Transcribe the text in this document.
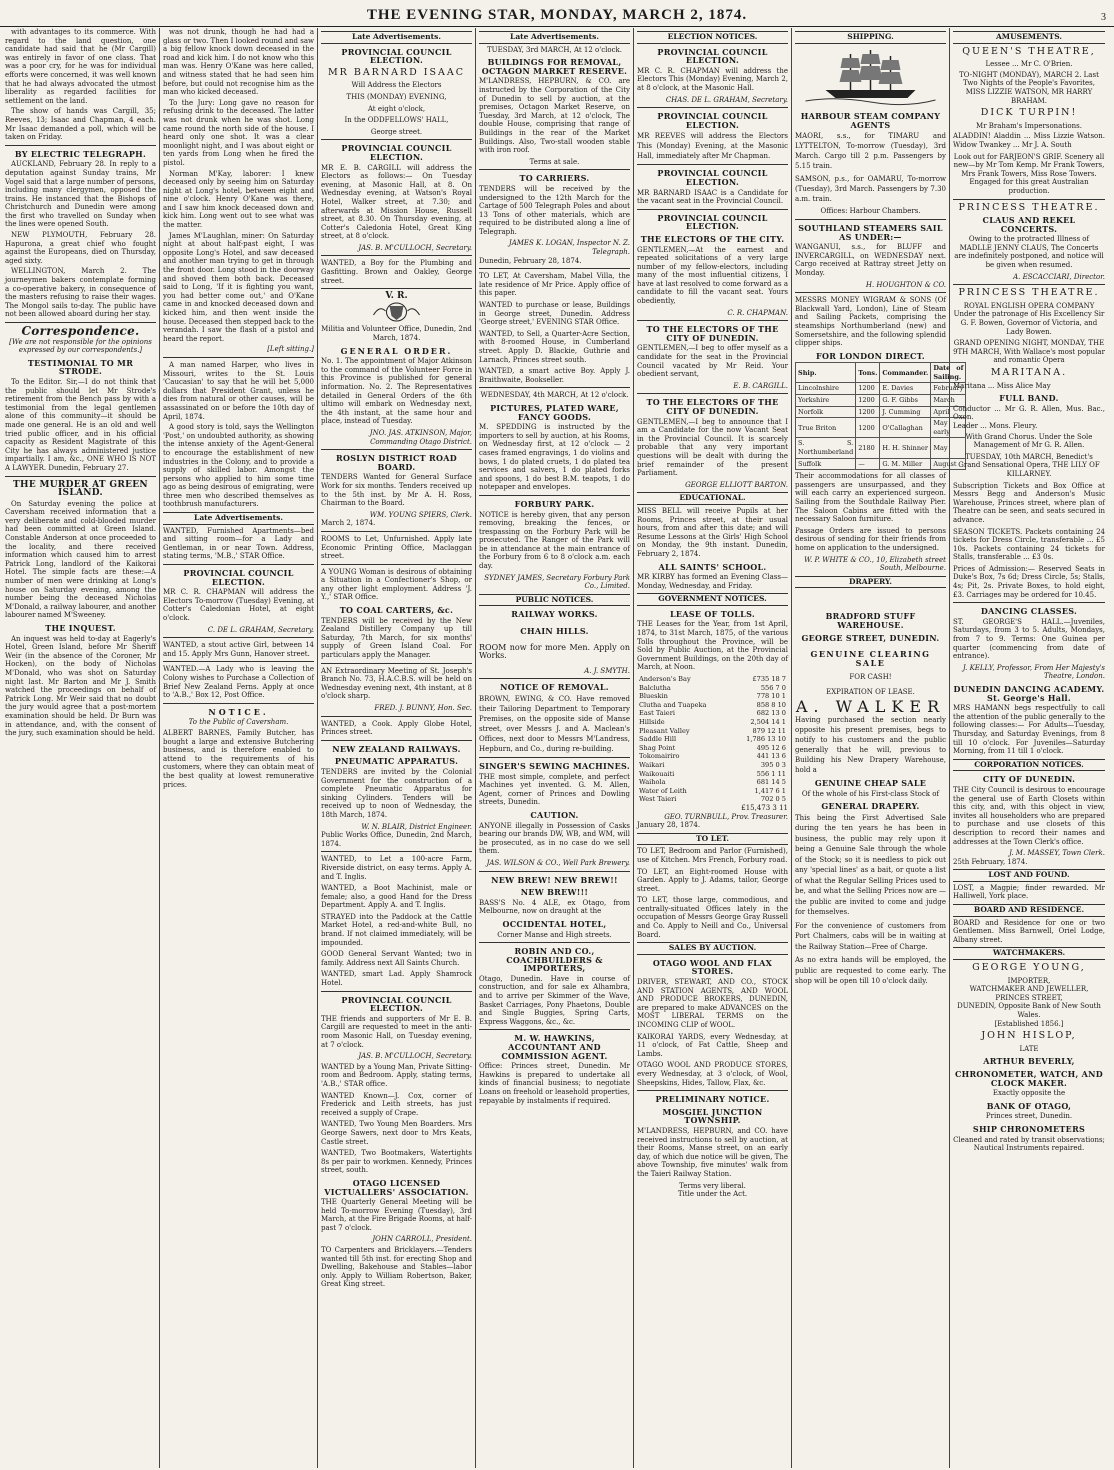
THE EVENING STAR, MONDAY, MARCH 2, 1874.	3

with advantages to its commerce. With regard to the land question, one candidate had said that he (Mr Cargill) was entirely in favor of one class. That was a poor cry, for he was for individual efforts were concerned, it was well known that he had always advocated the utmost liberality as regarded facilities for settlement on the land.

The show of hands was Cargill, 35; Reeves, 13; Isaac and Chapman, 4 each. Mr Isaac demanded a poll, which will be taken on Friday.

BY ELECTRIC TELEGRAPH.

AUCKLAND, February 28. In reply to a deputation against Sunday trains, Mr Vogel said that a large number of persons, including many clergymen, opposed the trains. He instanced that the Bishops of Christchurch and Dunedin were among the first who travelled on Sunday when the lines were opened South.

NEW PLYMOUTH, February 28. Hapurona, a great chief who fought against the Europeans, died on Thursday, aged sixty.

WELLINGTON, March 2. The journeymen bakers contemplate forming a co-operative bakery, in consequence of the masters refusing to raise their wages. The Mongol sails to-day. The public have not been allowed aboard during her stay.

Correspondence.

[We are not responsible for the opinions expressed by our correspondents.]

TESTIMONIAL TO MR STRODE.

To the Editor. Sir,—I do not think that the public should let Mr Strode's retirement from the Bench pass by with a testimonial from the legal gentlemen alone of this community—it should be made one general. He is an old and well tried public officer, and in his official capacity as Resident Magistrate of this City he has always administered justice impartially. I am, &c., ONE WHO IS NOT A LAWYER. Dunedin, February 27.

THE MURDER AT GREEN ISLAND.

On Saturday evening the police at Caversham received information that a very deliberate and cold-blooded murder had been committed at Green Island. Constable Anderson at once proceeded to the locality, and there received information which caused him to arrest Patrick Long, landlord of the Kaikorai Hotel. The simple facts are these:—A number of men were drinking at Long's house on Saturday evening, among the number being the deceased Nicholas M'Donald, a railway labourer, and another labourer named M'Sweeney.

THE INQUEST.

An inquest was held to-day at Eagerly's Hotel, Green Island, before Mr Sheriff Weir (in the absence of the Coroner, Mr Hocken), on the body of Nicholas M'Donald, who was shot on Saturday night last. Mr Barton and Mr J. Smith watched the proceedings on behalf of Patrick Long. Mr Weir said that no doubt the jury would agree that a post-mortem examination should be held. Dr Burn was in attendance, and, with the consent of the jury, such examination should be held.

was not drunk, though he had had a glass or two. Then I looked round and saw a big fellow knock down deceased in the road and kick him. I do not know who this man was. Henry O'Kane was here called, and witness stated that he had seen him before, but could not recognise him as the man who kicked deceased.

To the Jury: Long gave no reason for refusing drink to the deceased. The latter was not drunk when he was shot. Long came round the north side of the house. I heard only one shot. It was a clear moonlight night, and I was about eight or ten yards from Long when he fired the pistol.

Norman M'Kay, laborer: I knew deceased only by seeing him on Saturday night at Long's hotel, between eight and nine o'clock. Henry O'Kane was there, and I saw him knock deceased down and kick him. Long went out to see what was the matter.

James M'Laughlan, miner: On Saturday night at about half-past eight, I was opposite Long's Hotel, and saw deceased and another man trying to get in through the front door. Long stood in the doorway and shoved them both back. Deceased said to Long, 'If it is fighting you want, you had better come out,' and O'Kane came in and knocked deceased down and kicked him, and then went inside the house. Deceased then stepped back to the verandah. I saw the flash of a pistol and heard the report.

[Left sitting.]

A man named Harper, who lives in Missouri, writes to the St. Louis 'Caucasian' to say that he will bet 5,000 dollars that President Grant, unless he dies from natural or other causes, will be assassinated on or before the 10th day of April, 1874.

A good story is told, says the Wellington 'Post,' on undoubted authority, as showing the intense anxiety of the Agent-General to encourage the establishment of new industries in the Colony, and to provide a supply of skilled labor. Amongst the persons who applied to him some time ago as being desirous of emigrating, were three men who described themselves as toothbrush manufacturers.

Late Advertisements.
WANTED, Furnished Apartments—bed and sitting room—for a Lady and Gentleman, in or near Town. Address, stating terms, 'M.B.,' STAR Office.
PROVINCIAL COUNCIL ELECTION.
MR C. R. CHAPMAN will address the Electors To-morrow (Tuesday) Evening, at Cotter's Caledonian Hotel, at eight o'clock.
C. DE L. GRAHAM, Secretary.
WANTED, a stout active Girl, between 14 and 15. Apply Mrs Gunn, Hanover street.
WANTED.—A Lady who is leaving the Colony wishes to Purchase a Collection of Brief New Zealand Ferns. Apply at once to 'A.B.,' Box 12, Post Office.
NOTICE.
To the Public of Caversham.
ALBERT BARNES, Family Butcher, has bought a large and extensive Butchering business, and is therefore enabled to attend to the requirements of his customers, where they can obtain meat of the best quality at lowest remunerative prices.
Late Advertisements.
PROVINCIAL COUNCIL ELECTION.
MR BARNARD ISAAC
Will Address the Electors
THIS (MONDAY) EVENING,
At eight o'clock,
In the ODDFELLOWS' HALL,
George street.
PROVINCIAL COUNCIL ELECTION.
MR E. B. CARGILL will address the Electors as follows:— On Tuesday evening, at Masonic Hall, at 8. On Wednesday evening, at Watson's Royal Hotel, Walker street, at 7.30; and afterwards at Mission House, Russell street, at 8.30. On Thursday evening, at Cotter's Caledonia Hotel, Great King street, at 8 o'clock.
JAS. B. M'CULLOCH, Secretary.
WANTED, a Boy for the Plumbing and Gasfitting. Brown and Oakley, George street.
V. R.
Militia and Volunteer Office, Dunedin, 2nd March, 1874.
GENERAL ORDER.
No. 1. The appointment of Major Atkinson to the command of the Volunteer Force in this Province is published for general information. No. 2. The Representatives detailed in General Orders of the 6th ultimo will embark on Wednesday next, the 4th instant, at the same hour and place, instead of Tuesday.
JNO. JAS. ATKINSON, Major, Commanding Otago District.
ROSLYN DISTRICT ROAD BOARD.
TENDERS Wanted for General Surface Work for six months. Tenders received up to the 5th inst. by Mr A. H. Ross, Chairman to the Board.
WM. YOUNG SPIERS, Clerk.
March 2, 1874.
ROOMS to Let, Unfurnished. Apply late Economic Printing Office, Maclaggan street.
A YOUNG Woman is desirous of obtaining a Situation in a Confectioner's Shop, or any other light employment. Address 'J. Y.,' STAR Office.
TO COAL CARTERS, &c.
TENDERS will be received by the New Zealand Distillery Company up till Saturday, 7th March, for six months' supply of Green Island Coal. For particulars apply the Manager.
AN Extraordinary Meeting of St. Joseph's Branch No. 73, H.A.C.B.S. will be held on Wednesday evening next, 4th instant, at 8 o'clock sharp.
FRED. J. BUNNY, Hon. Sec.
WANTED, a Cook. Apply Globe Hotel, Princes street.
NEW ZEALAND RAILWAYS.
PNEUMATIC APPARATUS.
TENDERS are invited by the Colonial Government for the construction of a complete Pneumatic Apparatus for sinking Cylinders. Tenders will be received up to noon of Wednesday, the 18th March, 1874.
W. N. BLAIR, District Engineer.
Public Works Office, Dunedin, 2nd March, 1874.
WANTED, to Let a 100-acre Farm, Riverside district, on easy terms. Apply A. and T. Inglis.
WANTED, a Boot Machinist, male or female; also, a good Hand for the Dress Department. Apply A. and T. Inglis.
STRAYED into the Paddock at the Cattle Market Hotel, a red-and-white Bull, no brand. If not claimed immediately, will be impounded.
GOOD General Servant Wanted; two in family. Address next All Saints Church.
WANTED, smart Lad. Apply Shamrock Hotel.
PROVINCIAL COUNCIL ELECTION.
THE friends and supporters of Mr E. B. Cargill are requested to meet in the anti-room Masonic Hall, on Tuesday evening, at 7 o'clock.
JAS. B. M'CULLOCH, Secretary.
WANTED by a Young Man, Private Sitting-room and Bedroom. Apply, stating terms, 'A.B.,' STAR office.
WANTED Known—J. Cox, corner of Frederick and Leith streets, has just received a supply of Crape.
WANTED, Two Young Men Boarders. Mrs George Sawers, next door to Mrs Keats, Castle street.
WANTED, Two Bootmakers, Watertights 8s per pair to workmen. Kennedy, Princes street, south.
OTAGO LICENSED VICTUALLERS' ASSOCIATION.
THE Quarterly General Meeting will be held To-morrow Evening (Tuesday), 3rd March, at the Fire Brigade Rooms, at half-past 7 o'clock.
JOHN CARROLL, President.
TO Carpenters and Bricklayers.—Tenders wanted till 5th inst. for erecting Shop and Dwelling, Bakehouse and Stables—labor only. Apply to William Robertson, Baker, Great King street.
Late Advertisements.
TUESDAY, 3rd MARCH, At 12 o'clock.
BUILDINGS FOR REMOVAL, OCTAGON MARKET RESERVE.
M'LANDRESS, HEPBURN, & CO. are instructed by the Corporation of the City of Dunedin to sell by auction, at the premises, Octagon Market Reserve, on Tuesday, 3rd March, at 12 o'clock, The double House, comprising that range of Buildings in the rear of the Market Buildings. Also, Two-stall wooden stable with iron roof.
Terms at sale.
TO CARRIERS.
TENDERS will be received by the undersigned to the 12th March for the Cartage of 500 Telegraph Poles and about 13 Tons of other materials, which are required to be distributed along a line of Telegraph.
JAMES K. LOGAN, Inspector N. Z. Telegraph.
Dunedin, February 28, 1874.
TO LET, At Caversham, Mabel Villa, the late residence of Mr Price. Apply office of this paper.
WANTED to purchase or lease, Buildings in George street, Dunedin. Address 'George street,' EVENING STAR Office.
WANTED, to Sell, a Quarter-Acre Section, with 8-roomed House, in Cumberland street. Apply D. Blackie, Guthrie and Larnach, Princes street south.
WANTED, a smart active Boy. Apply J. Braithwaite, Bookseller.
WEDNESDAY, 4th MARCH, At 12 o'clock.
PICTURES, PLATED WARE, FANCY GOODS.
M. SPEDDING is instructed by the importers to sell by auction, at his Rooms, on Wednesday first, at 12 o'clock — 2 cases framed engravings, 1 do violins and bows, 1 do plated cruets, 1 do plated tea services and salvers, 1 do plated forks and spoons, 1 do best B.M. teapots, 1 do notepaper and envelopes.
FORBURY PARK.
NOTICE is hereby given, that any person removing, breaking the fences, or trespassing on the Forbury Park will be prosecuted. The Ranger of the Park will be in attendance at the main entrance of the Forbury from 6 to 8 o'clock a.m. each day.
SYDNEY JAMES, Secretary Forbury Park Co., Limited.
PUBLIC NOTICES.
RAILWAY WORKS.
CHAIN HILLS.
ROOM now for more Men. Apply on Works.
A. J. SMYTH.
NOTICE OF REMOVAL.
BROWN, EWING, & CO. Have removed their Tailoring Department to Temporary Premises, on the opposite side of Manse street, over Messrs J. and A. Maclean's Offices, next door to Messrs M'Landress, Hepburn, and Co., during re-building.
SINGER'S SEWING MACHINES.
THE most simple, complete, and perfect Machines yet invented. G. M. Allen, Agent, corner of Princes and Dowling streets, Dunedin.
CAUTION.
ANYONE illegally in Possession of Casks bearing our brands DW, WB, and WM, will be prosecuted, as in no case do we sell them.
JAS. WILSON & CO., Well Park Brewery.
NEW BREW! NEW BREW!!
NEW BREW!!!
BASS'S No. 4 ALE, ex Otago, from Melbourne, now on draught at the
OCCIDENTAL HOTEL,
Corner Manse and High streets.
ROBIN AND CO., COACHBUILDERS & IMPORTERS,
Otago, Dunedin. Have in course of construction, and for sale ex Alhambra, and to arrive per Skimmer of the Wave, Basket Carriages, Pony Phaetons, Double and Single Buggies, Spring Carts, Express Waggons, &c., &c.
M. W. HAWKINS, ACCOUNTANT AND COMMISSION AGENT.
Office: Princes street, Dunedin. Mr Hawkins is prepared to undertake all kinds of financial business; to negotiate Loans on freehold or leasehold properties, repayable by instalments if required.
ELECTION NOTICES.
PROVINCIAL COUNCIL ELECTION.
MR C. R. CHAPMAN will address the Electors This (Monday) Evening, March 2, at 8 o'clock, at the Masonic Hall.
CHAS. DE L. GRAHAM, Secretary.
PROVINCIAL COUNCIL ELECTION.
MR REEVES will address the Electors This (Monday) Evening, at the Masonic Hall, immediately after Mr Chapman.
PROVINCIAL COUNCIL ELECTION.
MR BARNARD ISAAC is a Candidate for the vacant seat in the Provincial Council.
PROVINCIAL COUNCIL ELECTION.
THE ELECTORS OF THE CITY.
GENTLEMEN,—At the earnest and repeated solicitations of a very large number of my fellow-electors, including many of the most influential citizens, I have at last resolved to come forward as a candidate to fill the vacant seat. Yours obediently,
C. R. CHAPMAN.
TO THE ELECTORS OF THE CITY OF DUNEDIN.
GENTLEMEN,—I beg to offer myself as a candidate for the seat in the Provincial Council vacated by Mr Reid. Your obedient servant,
E. B. CARGILL.
TO THE ELECTORS OF THE CITY OF DUNEDIN.
GENTLEMEN,—I beg to announce that I am a Candidate for the now Vacant Seat in the Provincial Council. It is scarcely probable that any very important questions will be dealt with during the brief remainder of the present Parliament.
GEORGE ELLIOTT BARTON.
EDUCATIONAL.
MISS BELL will receive Pupils at her Rooms, Princes street, at their usual hours, from and after this date; and will Resume Lessons at the Girls' High School on Monday, the 9th instant. Dunedin, February 2, 1874.
ALL SAINTS' SCHOOL.
MR KIRBY has formed an Evening Class—Monday, Wednesday, and Friday.
GOVERNMENT NOTICES.
LEASE OF TOLLS.
THE Leases for the Year, from 1st April, 1874, to 31st March, 1875, of the various Tolls throughout the Province, will be Sold by Public Auction, at the Provincial Government Buildings, on the 20th day of March, at Noon.
Anderson's Bay	£735 18 7
Balclutha	556 7 0
Blueskin	778 10 1
Clutha and Tuapeka	858 8 10
East Taieri	682 13 0
Hillside	2,504 14 1
Pleasant Valley	879 12 11
Saddle Hill	1,786 13 10
Shag Point	495 12 6
Tokomairiro	441 13 6
Waikari	395 0 3
Waikouaiti	556 1 11
Waihola	681 14 5
Water of Leith	1,417 6 1
West Taieri	702 0 5
£15,473 3 11
GEO. TURNBULL, Prov. Treasurer.
January 28, 1874.
TO LET.
TO LET, Bedroom and Parlor (Furnished), use of Kitchen. Mrs French, Forbury road.
TO LET, an Eight-roomed House with Garden. Apply to J. Adams, tailor, George street.
TO LET, those large, commodious, and centrally-situated Offices lately in the occupation of Messrs George Gray Russell and Co. Apply to Neill and Co., Universal Board.
SALES BY AUCTION.
OTAGO WOOL AND FLAX STORES.
DRIVER, STEWART, AND CO., STOCK AND STATION AGENTS, AND WOOL AND PRODUCE BROKERS, DUNEDIN, are prepared to make ADVANCES on the MOST LIBERAL TERMS on the INCOMING CLIP of WOOL.
KAIKORAI YARDS, every Wednesday, at 11 o'clock, of Fat Cattle, Sheep and Lambs.
OTAGO WOOL AND PRODUCE STORES, every Wednesday, at 3 o'clock, of Wool, Sheepskins, Hides, Tallow, Flax, &c.
PRELIMINARY NOTICE.
MOSGIEL JUNCTION TOWNSHIP.
M'LANDRESS, HEPBURN, and CO. have received instructions to sell by auction, at their Rooms, Manse street, on an early day, of which due notice will be given, The above Township, five minutes' walk from the Taieri Railway Station.
Terms very liberal.
Title under the Act.
SHIPPING.
HARBOUR STEAM COMPANY AGENTS
MAORI, s.s., for TIMARU and LYTTELTON, To-morrow (Tuesday), 3rd March. Cargo till 2 p.m. Passengers by 5.15 train.
SAMSON, p.s., for OAMARU, To-morrow (Tuesday), 3rd March. Passengers by 7.30 a.m. train.
Offices: Harbour Chambers.
SOUTHLAND STEAMERS SAIL AS UNDER:—
WANGANUI, s.s., for BLUFF and INVERCARGILL, on WEDNESDAY next. Cargo received at Rattray street Jetty on Monday.
H. HOUGHTON & CO.
MESSRS MONEY WIGRAM & SONS (Of Blackwall Yard, London), Line of Steam and Sailing Packets, comprising the steamships Northumberland (new) and Somersetshire, and the following splendid clipper ships.
FOR LONDON DIRECT.
Ship.	Tons.	Commander.	Date of Sailing.
Lincolnshire	1200	E. Davies	February
Yorkshire	1200	G. F. Gibbs	March
Norfolk	1200	J. Cumming	April
True Briton	1200	O'Callaghan	May early
S. S. Northumberland	2180	H. H. Shinner	May
Suffolk	—	G. M. Miller	August
Their accommodations for all classes of passengers are unsurpassed, and they will each carry an experienced surgeon. Sailing from the Southdale Railway Pier. The Saloon Cabins are fitted with the necessary Saloon furniture.
Passage Orders are issued to persons desirous of sending for their friends from home on application to the undersigned.
W. P. WHITE & CO., 10, Elizabeth street South, Melbourne.
DRAPERY.
BRADFORD STUFF WAREHOUSE.
GEORGE STREET, DUNEDIN.
GENUINE CLEARING SALE
FOR CASH!
EXPIRATION OF LEASE.
A. WALKER
Having purchased the section nearly opposite his present premises, begs to notify to his customers and the public generally that he will, previous to Building his New Drapery Warehouse, hold a
GENUINE CHEAP SALE
Of the whole of his First-class Stock of
GENERAL DRAPERY.
This being the First Advertised Sale during the ten years he has been in business, the public may rely upon it being a Genuine Sale through the whole of the Stock; so it is needless to pick out any 'special lines' as a bait, or quote a list of what the Regular Selling Prices used to be, and what the Selling Prices now are — the public are invited to come and judge for themselves.
For the convenience of customers from Port Chalmers, cabs will be in waiting at the Railway Station—Free of Charge.
As no extra hands will be employed, the public are requested to come early. The shop will be open till 10 o'clock daily.
AMUSEMENTS.
QUEEN'S THEATRE,
Lessee ... Mr C. O'Brien.
TO-NIGHT (MONDAY), MARCH 2. Last Two Nights of the People's Favorites, MISS LIZZIE WATSON, MR HARRY BRAHAM.
DICK TURPIN!
Mr Braham's Impersonations.
ALADDIN! Aladdin ... Miss Lizzie Watson. Widow Twankey ... Mr J. A. South
Look out for FARJEON'S GRIF. Scenery all new—by Mr Tom Kemp. Mr Frank Towers, Mrs Frank Towers, Miss Rose Towers. Engaged for this great Australian production.
PRINCESS THEATRE.
CLAUS AND REKEL CONCERTS.
Owing to the protracted Illness of MADLLE JENNY CLAUS, The Concerts are indefinitely postponed, and notice will be given when resumed.
A. ESCACCIARI, Director.
PRINCESS THEATRE.
ROYAL ENGLISH OPERA COMPANY Under the patronage of His Excellency Sir G. F. Bowen, Governor of Victoria, and Lady Bowen.
GRAND OPENING NIGHT, MONDAY, THE 9TH MARCH, With Wallace's most popular and romantic Opera
MARITANA.
Maritana ... Miss Alice May
FULL BAND.
Conductor ... Mr G. R. Allen, Mus. Bac., Oxon.
Leader ... Mons. Fleury.
With Grand Chorus. Under the Sole Management of Mr G. R. Allen.
TUESDAY, 10th MARCH, Benedict's Grand Sensational Opera, THE LILY OF KILLARNEY.
Subscription Tickets and Box Office at Messrs Begg and Anderson's Music Warehouse, Princes street, where plan of Theatre can be seen, and seats secured in advance.
SEASON TICKETS. Packets containing 24 tickets for Dress Circle, transferable ... £5 10s. Packets containing 24 tickets for Stalls, transferable ... £3 0s.
Prices of Admission:— Reserved Seats in Duke's Box, 7s 6d; Dress Circle, 5s; Stalls, 4s; Pit, 2s. Private Boxes, to hold eight, £3. Carriages may be ordered for 10.45.
DANCING CLASSES.
ST. GEORGE'S HALL.—Juveniles, Saturdays, from 3 to 5. Adults, Mondays, from 7 to 9. Terms: One Guinea per quarter (commencing from date of entrance).
J. KELLY, Professor, From Her Majesty's Theatre, London.
DUNEDIN DANCING ACADEMY. St. George's Hall.
MRS HAMANN begs respectfully to call the attention of the public generally to the following classes:— For Adults—Tuesday, Thursday, and Saturday Evenings, from 8 till 10 o'clock. For Juveniles—Saturday Morning, from 11 till 1 o'clock.
CORPORATION NOTICES.
CITY OF DUNEDIN.
THE City Council is desirous to encourage the general use of Earth Closets within this city, and, with this object in view, invites all householders who are prepared to purchase and use closets of this description to record their names and addresses at the Town Clerk's office.
J. M. MASSEY, Town Clerk.
25th February, 1874.
LOST AND FOUND.
LOST, a Magpie; finder rewarded. Mr Halliwell, York place.
BOARD AND RESIDENCE.
BOARD and Residence for one or two Gentlemen. Miss Barnwell, Oriel Lodge, Albany street.
WATCHMAKERS.
GEORGE YOUNG,
IMPORTER,
WATCHMAKER AND JEWELLER,
PRINCES STREET,
DUNEDIN, Opposite Bank of New South Wales.
[Established 1856.]
JOHN HISLOP,
LATE
ARTHUR BEVERLY,
CHRONOMETER, WATCH, AND CLOCK MAKER.
Exactly opposite the
BANK OF OTAGO,
Princes street, Dunedin.
SHIP CHRONOMETERS
Cleaned and rated by transit observations; Nautical Instruments repaired.
